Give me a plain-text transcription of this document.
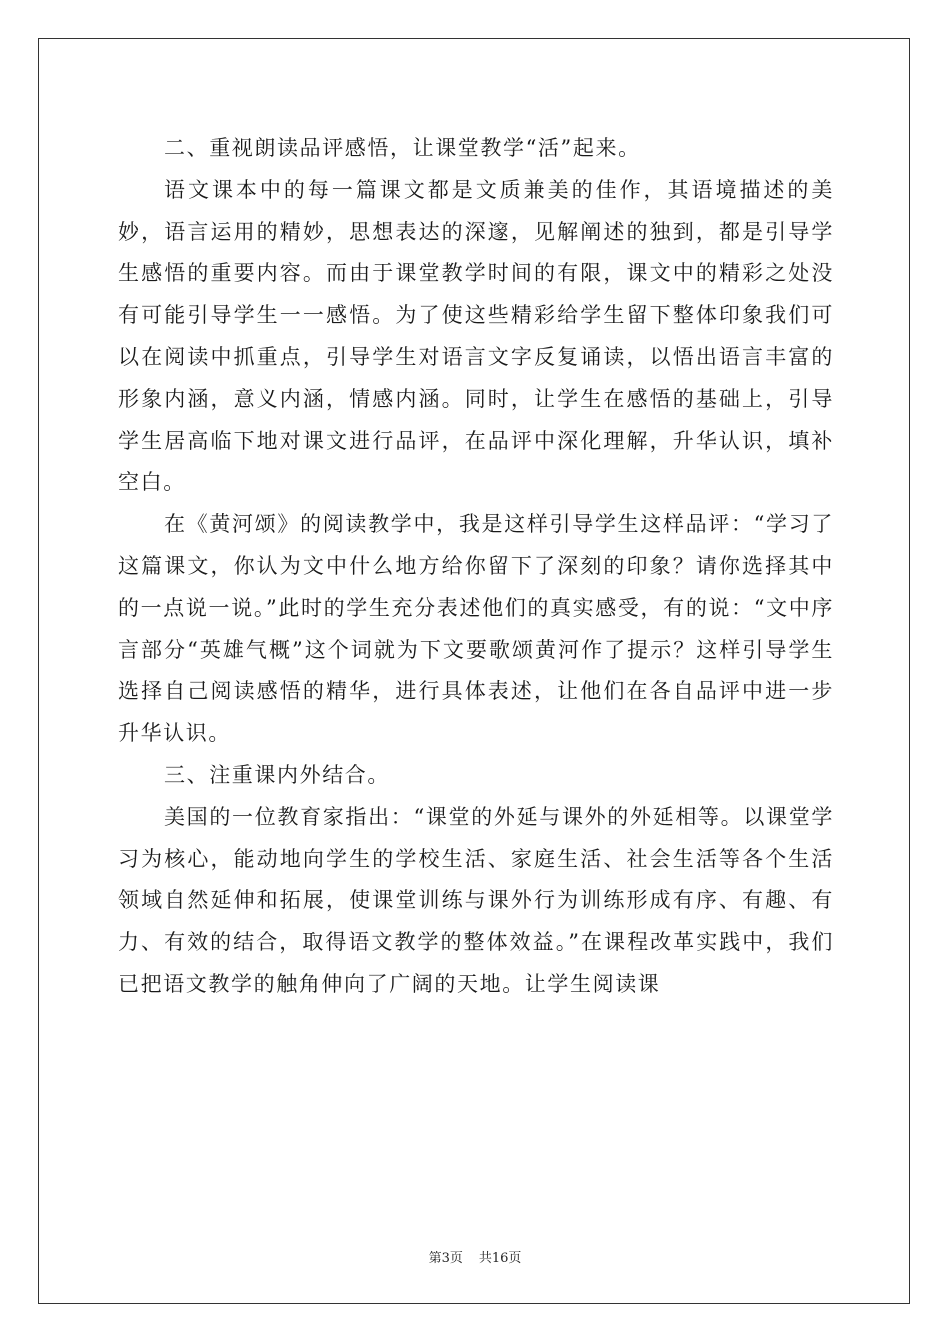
二、重视朗读品评感悟，让课堂教学“活”起来。

语文课本中的每一篇课文都是文质兼美的佳作，其语境描述的美妙，语言运用的精妙，思想表达的深邃，见解阐述的独到，都是引导学生感悟的重要内容。而由于课堂教学时间的有限，课文中的精彩之处没有可能引导学生一一感悟。为了使这些精彩给学生留下整体印象我们可以在阅读中抓重点，引导学生对语言文字反复诵读，以悟出语言丰富的形象内涵，意义内涵，情感内涵。同时，让学生在感悟的基础上，引导学生居高临下地对课文进行品评，在品评中深化理解，升华认识，填补空白。

在《黄河颂》的阅读教学中，我是这样引导学生这样品评：“学习了这篇课文，你认为文中什么地方给你留下了深刻的印象？请你选择其中的一点说一说。”此时的学生充分表述他们的真实感受，有的说：“文中序言部分“英雄气概”这个词就为下文要歌颂黄河作了提示？这样引导学生选择自己阅读感悟的精华，进行具体表述，让他们在各自品评中进一步升华认识。

三、注重课内外结合。

美国的一位教育家指出：“课堂的外延与课外的外延相等。以课堂学习为核心，能动地向学生的学校生活、家庭生活、社会生活等各个生活领域自然延伸和拓展，使课堂训练与课外行为训练形成有序、有趣、有力、有效的结合，取得语文教学的整体效益。”在课程改革实践中，我们已把语文教学的触角伸向了广阔的天地。让学生阅读课

第3页 共16页
